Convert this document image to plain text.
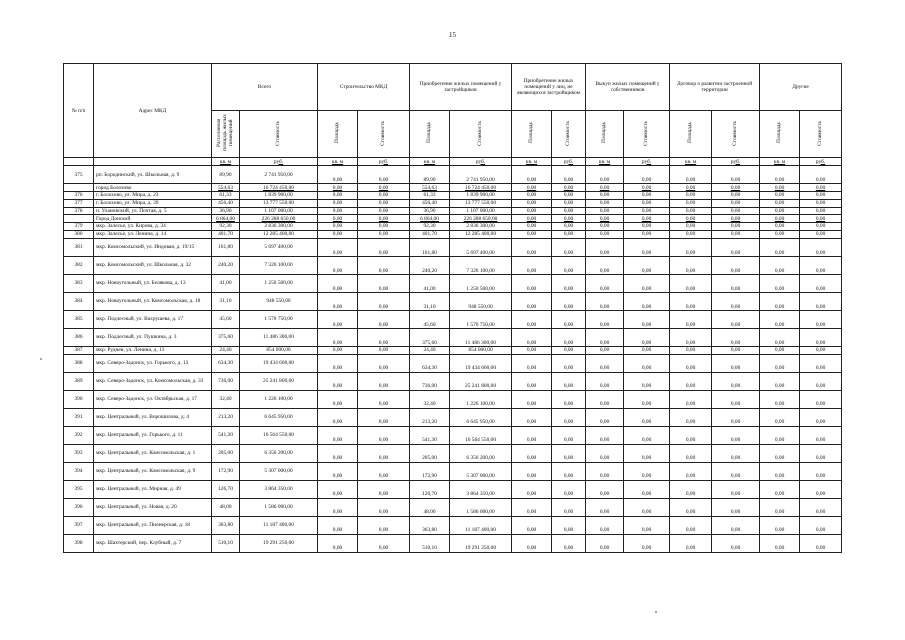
15
№ п/п	Адрес МКД	Всего		Строительство МКД		Приобретение жилых помещений у застройщиков		Приобретение жилых помещений у лиц, не являющихся застройщиком		Выкуп жилых помещений у собственников		Договор о развитии застроенной территории		Другие	
		Расселяемая площадь жилых помещений	Стоимость	Площадь	Стоимость	Площадь	Стоимость	Площадь	Стоимость	Площадь	Стоимость	Площадь	Стоимость	Площадь	Стоимость
		кв. м	руб.	кв. м	руб.	кв. м	руб.	кв. м	руб.	кв. м	руб.	кв. м	руб.	кв. м	руб.
375	рп. Бородинский, ул. Школьная, д. 9	89,90	2 741 950,00	0,00	0,00	89,90	2 741 950,00	0,00	0,00	0,00	0,00	0,00	0,00	0,00	0,00
	город Болохово	554,63	16 724 450,00	0,00	0,00	554,63	16 724 450,00	0,00	0,00	0,00	0,00	0,00	0,00	0,00	0,00
376	г. Болохово, ул. Мира, д. 23	61,33	1 839 900,00	0,00	0,00	61,33	1 839 900,00	0,00	0,00	0,00	0,00	0,00	0,00	0,00	0,00
377	г. Болохово, ул. Мира, д. 39	456,40	13 777 550,00	0,00	0,00	456,40	13 777 550,00	0,00	0,00	0,00	0,00	0,00	0,00	0,00	0,00
378	п. Улановский, ул. Почтая, д. 5	36,90	1 107 000,00	0,00	0,00	36,90	1 107 000,00	0,00	0,00	0,00	0,00	0,00	0,00	0,00	0,00
	Город Донской	6 864,00	226 288 650,00	0,00	0,00	6 864,00	226 288 650,00	0,00	0,00	0,00	0,00	0,00	0,00	0,00	0,00
379	мкр. Залесье, ул. Кирова, д. 34	92,30	2 836 300,00	0,00	0,00	92,30	2 836 300,00	0,00	0,00	0,00	0,00	0,00	0,00	0,00	0,00
380	мкр. Залесье, ул. Ленина, д. 14	401,70	12 285 400,00	0,00	0,00	401,70	12 285 400,00	0,00	0,00	0,00	0,00	0,00	0,00	0,00	0,00
381	мкр. Комсомольский, ул. Индовая, д. 19/15	161,80	5 697 400,00	0,00	0,00	161,80	5 697 400,00	0,00	0,00	0,00	0,00	0,00	0,00	0,00	0,00
382	мкр. Комсомольский, ул. Школьная, д. 32	240,20	7 326 100,00	0,00	0,00	240,20	7 326 100,00	0,00	0,00	0,00	0,00	0,00	0,00	0,00	0,00
383	мкр. Новоугольный, ул. Белякова, д. 13	41,00	1 250 500,00	0,00	0,00	41,00	1 250 500,00	0,00	0,00	0,00	0,00	0,00	0,00	0,00	0,00
384	мкр. Новоугольный, ул. Комсомольская, д. 18	31,10	948 550,00	0,00	0,00	31,10	948 550,00	0,00	0,00	0,00	0,00	0,00	0,00	0,00	0,00
385	мкр. Подлесный, ул. Вахрушева, д. 17	45,60	1 570 750,00	0,00	0,00	45,60	1 570 750,00	0,00	0,00	0,00	0,00	0,00	0,00	0,00	0,00
386	мкр. Подлесный, ул. Пушкина, д. 3	375,60	11 486 300,00	0,00	0,00	375,60	11 486 300,00	0,00	0,00	0,00	0,00	0,00	0,00	0,00	0,00
387	мкр. Руднев, ул. Ленина, д. 13	24,40	854 000,00	0,00	0,00	24,40	854 000,00	0,00	0,00	0,00	0,00	0,00	0,00	0,00	0,00
388	мкр. Северо-Задонск, ул. Горького, д. 13	634,30	19 434 600,00	0,00	0,00	634,30	19 434 600,00	0,00	0,00	0,00	0,00	0,00	0,00	0,00	0,00
389	мкр. Северо-Задонск, ул. Комсомольская, д. 33	736,00	25 241 800,00	0,00	0,00	736,00	25 241 800,00	0,00	0,00	0,00	0,00	0,00	0,00	0,00	0,00
390	мкр. Северо-Задонск, ул. Октябрьская, д. 17	32,40	1 226 100,00	0,00	0,00	32,40	1 226 100,00	0,00	0,00	0,00	0,00	0,00	0,00	0,00	0,00
391	мкр. Центральный, ул. Ворошилова, д. 4	213,20	6 645 950,00	0,00	0,00	213,20	6 645 950,00	0,00	0,00	0,00	0,00	0,00	0,00	0,00	0,00
392	мкр. Центральный, ул. Горького, д. 11	541,30	16 564 550,00	0,00	0,00	541,30	16 564 550,00	0,00	0,00	0,00	0,00	0,00	0,00	0,00	0,00
393	мкр. Центральный, ул. Комсомольская, д. 1	205,00	6 356 200,00	0,00	0,00	205,00	6 356 200,00	0,00	0,00	0,00	0,00	0,00	0,00	0,00	0,00
394	мкр. Центральный, ул. Комсомольская, д. 9	172,90	5 307 000,00	0,00	0,00	172,90	5 307 000,00	0,00	0,00	0,00	0,00	0,00	0,00	0,00	0,00
395	мкр. Центральный, ул. Мирная, д. 49	126,70	3 864 350,00	0,00	0,00	126,70	3 864 350,00	0,00	0,00	0,00	0,00	0,00	0,00	0,00	0,00
396	мкр. Центральный, ул. Новая, д. 20	48,00	1 586 000,00	0,00	0,00	48,00	1 586 000,00	0,00	0,00	0,00	0,00	0,00	0,00	0,00	0,00
397	мкр. Центральный, ул. Пионерская, д. 18	363,80	11 187 400,00	0,00	0,00	363,80	11 187 400,00	0,00	0,00	0,00	0,00	0,00	0,00	0,00	0,00
398	мкр. Шахтерский, пер. Клубный, д. 7	510,10	19 291 250,00	0,00	0,00	510,10	19 291 250,00	0,00	0,00	0,00	0,00	0,00	0,00	0,00	0,00
